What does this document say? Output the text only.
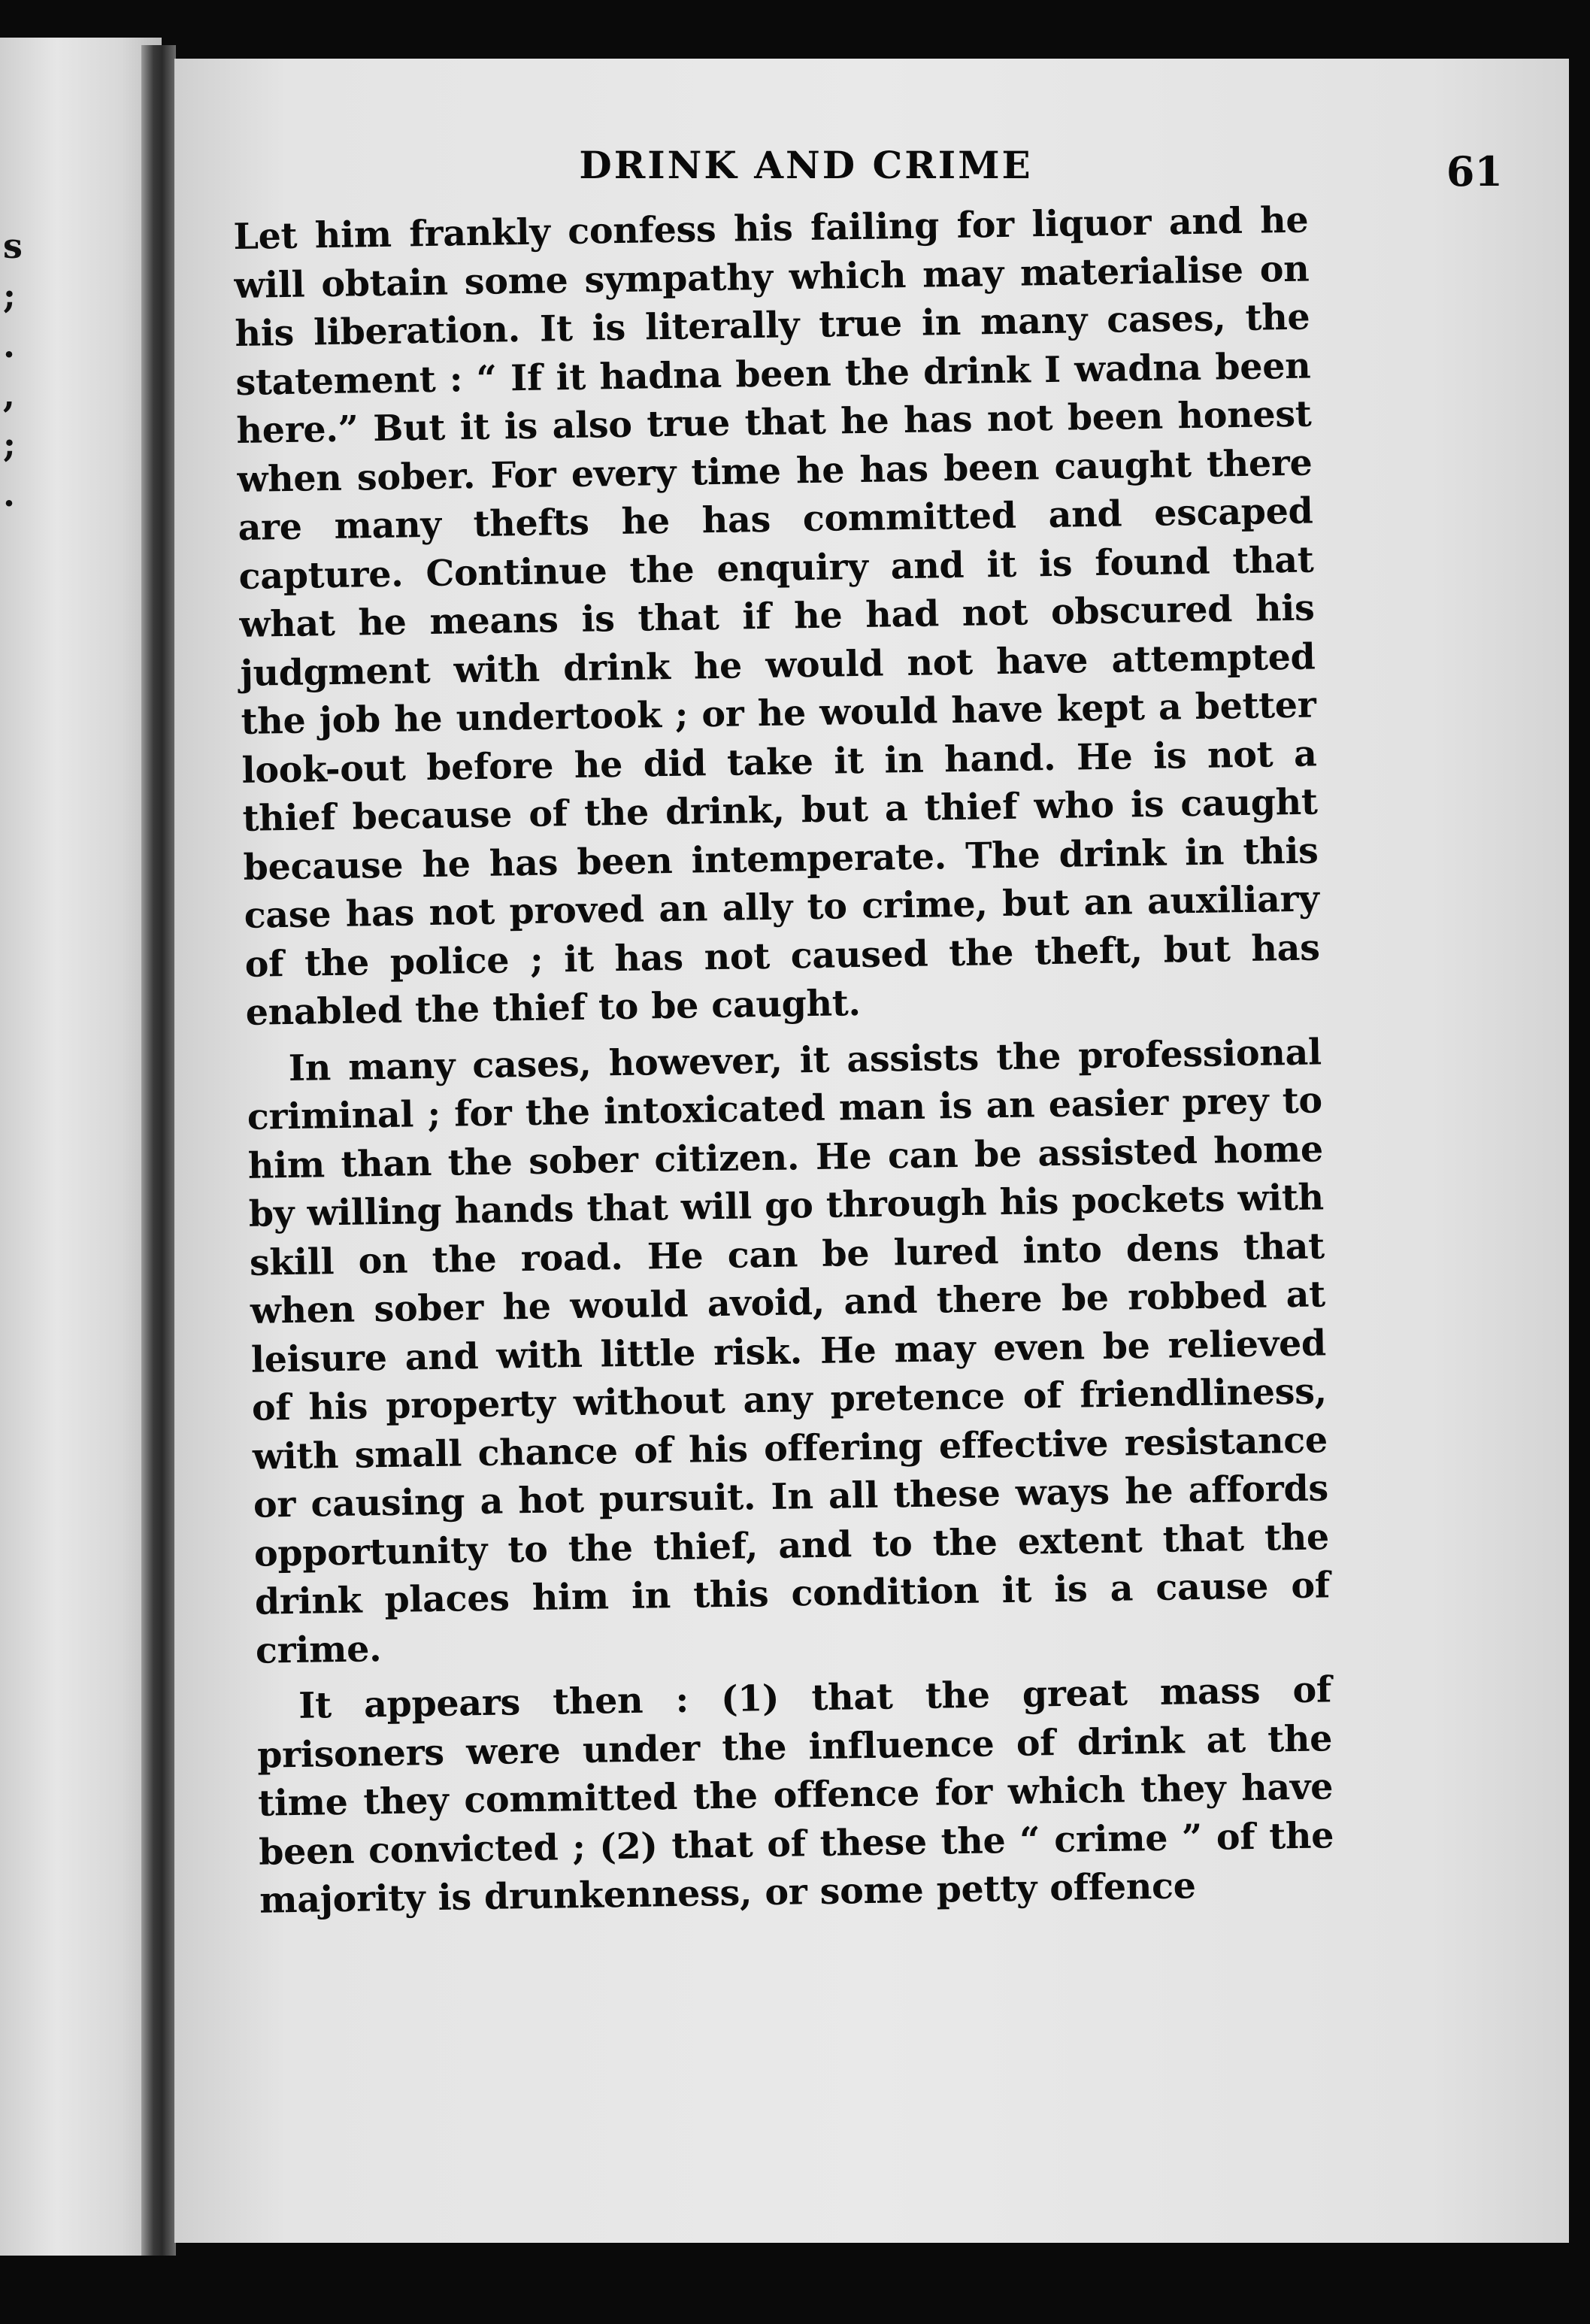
s
;
.
,
;
.
DRINK AND CRIME	61

Let him frankly confess his failing for liquor and he will obtain some sympathy which may materialise on his liberation. It is literally true in many cases, the statement : “ If it hadna been the drink I wadna been here.” But it is also true that he has not been honest when sober. For every time he has been caught there are many thefts he has committed and escaped capture. Continue the enquiry and it is found that what he means is that if he had not obscured his judgment with drink he would not have attempted the job he undertook ; or he would have kept a better look-out before he did take it in hand. He is not a thief because of the drink, but a thief who is caught because he has been intemperate. The drink in this case has not proved an ally to crime, but an auxiliary of the police ; it has not caused the theft, but has enabled the thief to be caught.

In many cases, however, it assists the professional criminal ; for the intoxicated man is an easier prey to him than the sober citizen. He can be assisted home by willing hands that will go through his pockets with skill on the road. He can be lured into dens that when sober he would avoid, and there be robbed at leisure and with little risk. He may even be relieved of his property without any pretence of friendliness, with small chance of his offering effective resistance or causing a hot pursuit. In all these ways he affords opportunity to the thief, and to the extent that the drink places him in this condition it is a cause of crime.

It appears then : (1) that the great mass of prisoners were under the influence of drink at the time they committed the offence for which they have been convicted ; (2) that of these the “ crime ” of the majority is drunkenness, or some petty offence
